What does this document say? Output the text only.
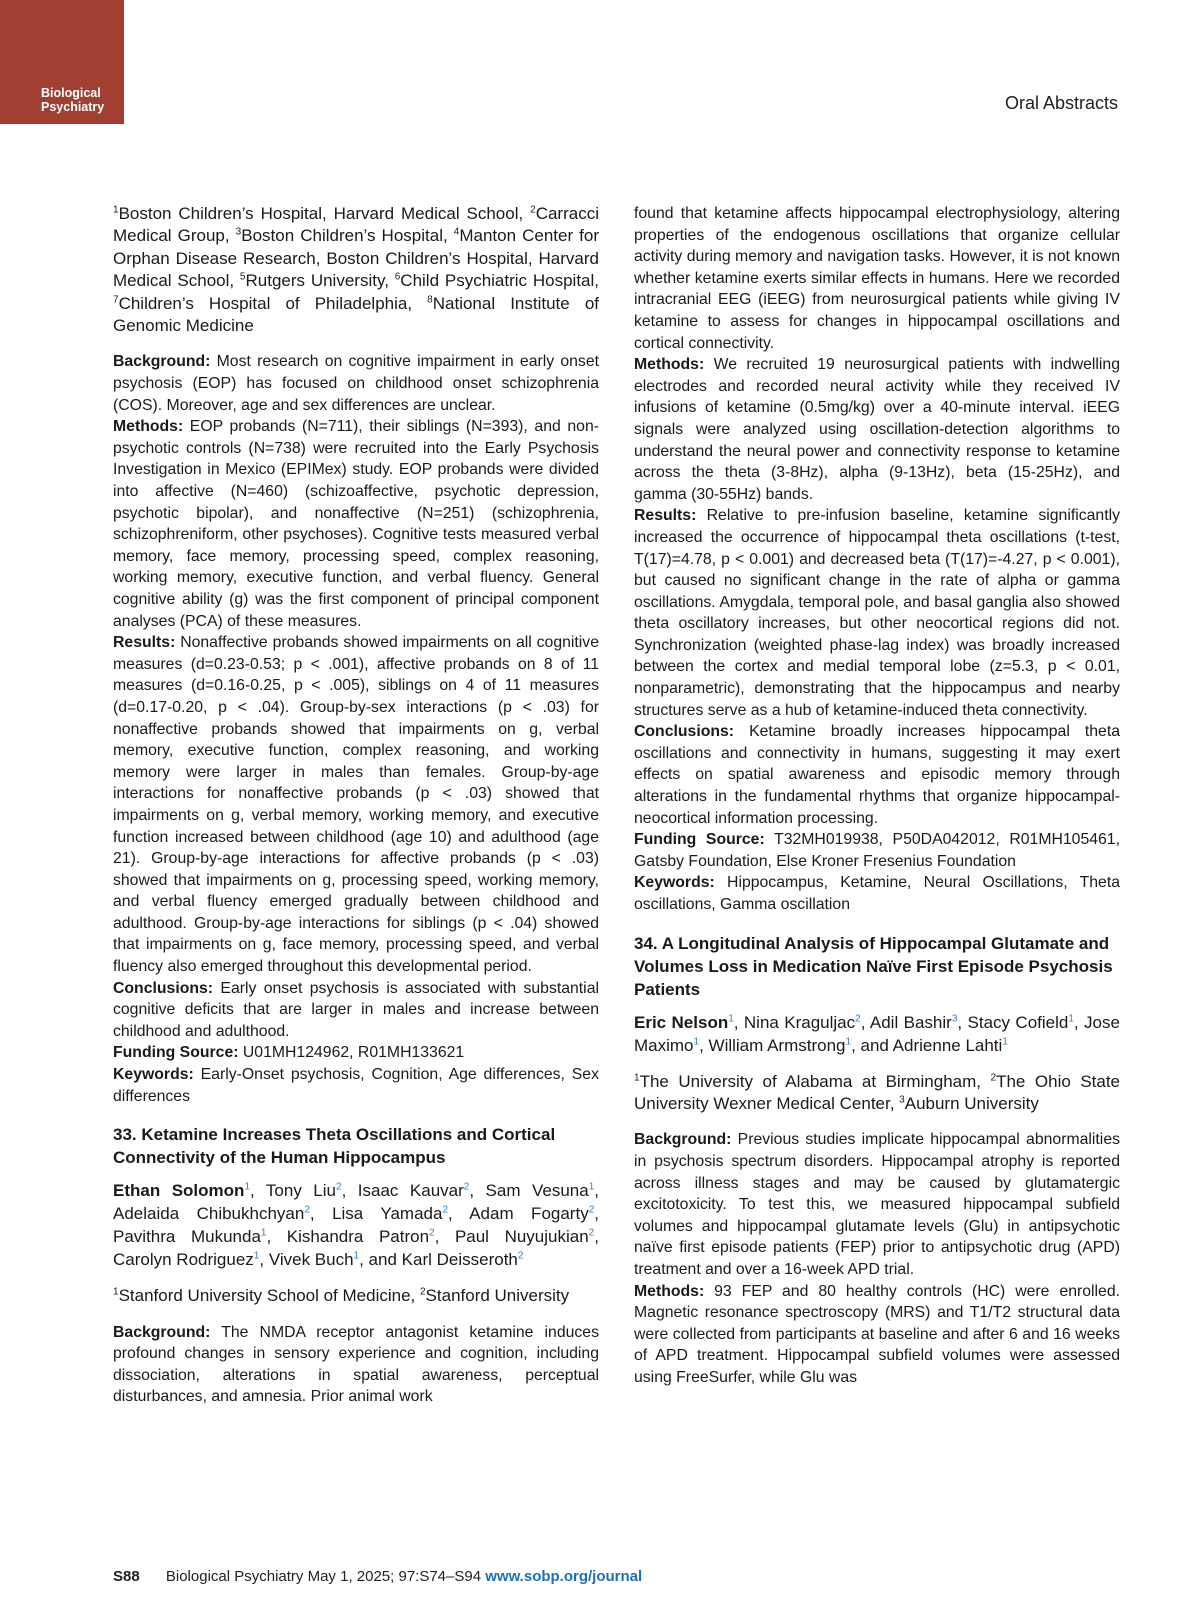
Biological
Psychiatry	Oral Abstracts

$^1$Boston Children’s Hospital, Harvard Medical School, $^2$Carracci Medical Group, $^3$Boston Children’s Hospital, $^4$Manton Center for Orphan Disease Research, Boston Children’s Hospital, Harvard Medical School, $^5$Rutgers University, $^6$Child Psychiatric Hospital, $^7$Children’s Hospital of Philadelphia, $^8$National Institute of Genomic Medicine

Background: Most research on cognitive impairment in early onset psychosis (EOP) has focused on childhood onset schizophrenia (COS). Moreover, age and sex differences are unclear.

Methods: EOP probands (N=711), their siblings (N=393), and non-psychotic controls (N=738) were recruited into the Early Psychosis Investigation in Mexico (EPIMex) study. EOP probands were divided into affective (N=460) (schizoaffective, psychotic depression, psychotic bipolar), and nonaffective (N=251) (schizophrenia, schizophreniform, other psychoses). Cognitive tests measured verbal memory, face memory, processing speed, complex reasoning, working memory, executive function, and verbal fluency. General cognitive ability (g) was the first component of principal component analyses (PCA) of these measures.

Results: Nonaffective probands showed impairments on all cognitive measures (d=0.23-0.53; p < .001), affective probands on 8 of 11 measures (d=0.16-0.25, p < .005), siblings on 4 of 11 measures (d=0.17-0.20, p < .04). Group-by-sex interactions (p < .03) for nonaffective probands showed that impairments on g, verbal memory, executive function, complex reasoning, and working memory were larger in males than females. Group-by-age interactions for nonaffective probands (p < .03) showed that impairments on g, verbal memory, working memory, and executive function increased between childhood (age 10) and adulthood (age 21). Group-by-age interactions for affective probands (p < .03) showed that impairments on g, processing speed, working memory, and verbal fluency emerged gradually between childhood and adulthood. Group-by-age interactions for siblings (p < .04) showed that impairments on g, face memory, processing speed, and verbal fluency also emerged throughout this developmental period.

Conclusions: Early onset psychosis is associated with substantial cognitive deficits that are larger in males and increase between childhood and adulthood.

Funding Source: U01MH124962, R01MH133621

Keywords: Early-Onset psychosis, Cognition, Age differences, Sex differences

33. Ketamine Increases Theta Oscillations and Cortical Connectivity of the Human Hippocampus

Ethan Solomon$^1$, Tony Liu$^2$, Isaac Kauvar$^2$, Sam Vesuna$^1$, Adelaida Chibukhchyan$^2$, Lisa Yamada$^2$, Adam Fogarty$^2$, Pavithra Mukunda$^1$, Kishandra Patron$^2$, Paul Nuyujukian$^2$, Carolyn Rodriguez$^1$, Vivek Buch$^1$, and Karl Deisseroth$^2$

$^1$Stanford University School of Medicine, $^2$Stanford University

Background: The NMDA receptor antagonist ketamine induces profound changes in sensory experience and cognition, including dissociation, alterations in spatial awareness, perceptual disturbances, and amnesia. Prior animal work

found that ketamine affects hippocampal electrophysiology, altering properties of the endogenous oscillations that organize cellular activity during memory and navigation tasks. However, it is not known whether ketamine exerts similar effects in humans. Here we recorded intracranial EEG (iEEG) from neurosurgical patients while giving IV ketamine to assess for changes in hippocampal oscillations and cortical connectivity.

Methods: We recruited 19 neurosurgical patients with indwelling electrodes and recorded neural activity while they received IV infusions of ketamine (0.5mg/kg) over a 40-minute interval. iEEG signals were analyzed using oscillation-detection algorithms to understand the neural power and connectivity response to ketamine across the theta (3-8Hz), alpha (9-13Hz), beta (15-25Hz), and gamma (30-55Hz) bands.

Results: Relative to pre-infusion baseline, ketamine significantly increased the occurrence of hippocampal theta oscillations (t-test, T(17)=4.78, p < 0.001) and decreased beta (T(17)=-4.27, p < 0.001), but caused no significant change in the rate of alpha or gamma oscillations. Amygdala, temporal pole, and basal ganglia also showed theta oscillatory increases, but other neocortical regions did not. Synchronization (weighted phase-lag index) was broadly increased between the cortex and medial temporal lobe (z=5.3, p < 0.01, nonparametric), demonstrating that the hippocampus and nearby structures serve as a hub of ketamine-induced theta connectivity.

Conclusions: Ketamine broadly increases hippocampal theta oscillations and connectivity in humans, suggesting it may exert effects on spatial awareness and episodic memory through alterations in the fundamental rhythms that organize hippocampal-neocortical information processing.

Funding Source: T32MH019938, P50DA042012, R01MH105461, Gatsby Foundation, Else Kroner Fresenius Foundation

Keywords: Hippocampus, Ketamine, Neural Oscillations, Theta oscillations, Gamma oscillation

34. A Longitudinal Analysis of Hippocampal Glutamate and Volumes Loss in Medication Naïve First Episode Psychosis Patients

Eric Nelson$^1$, Nina Kraguljac$^2$, Adil Bashir$^3$, Stacy Cofield$^1$, Jose Maximo$^1$, William Armstrong$^1$, and Adrienne Lahti$^1$

$^1$The University of Alabama at Birmingham, $^2$The Ohio State University Wexner Medical Center, $^3$Auburn University

Background: Previous studies implicate hippocampal abnormalities in psychosis spectrum disorders. Hippocampal atrophy is reported across illness stages and may be caused by glutamatergic excitotoxicity. To test this, we measured hippocampal subfield volumes and hippocampal glutamate levels (Glu) in antipsychotic naïve first episode patients (FEP) prior to antipsychotic drug (APD) treatment and over a 16-week APD trial.

Methods: 93 FEP and 80 healthy controls (HC) were enrolled. Magnetic resonance spectroscopy (MRS) and T1/T2 structural data were collected from participants at baseline and after 6 and 16 weeks of APD treatment. Hippocampal subfield volumes were assessed using FreeSurfer, while Glu was

S88 Biological Psychiatry May 1, 2025; 97:S74–S94 www.sobp.org/journal
